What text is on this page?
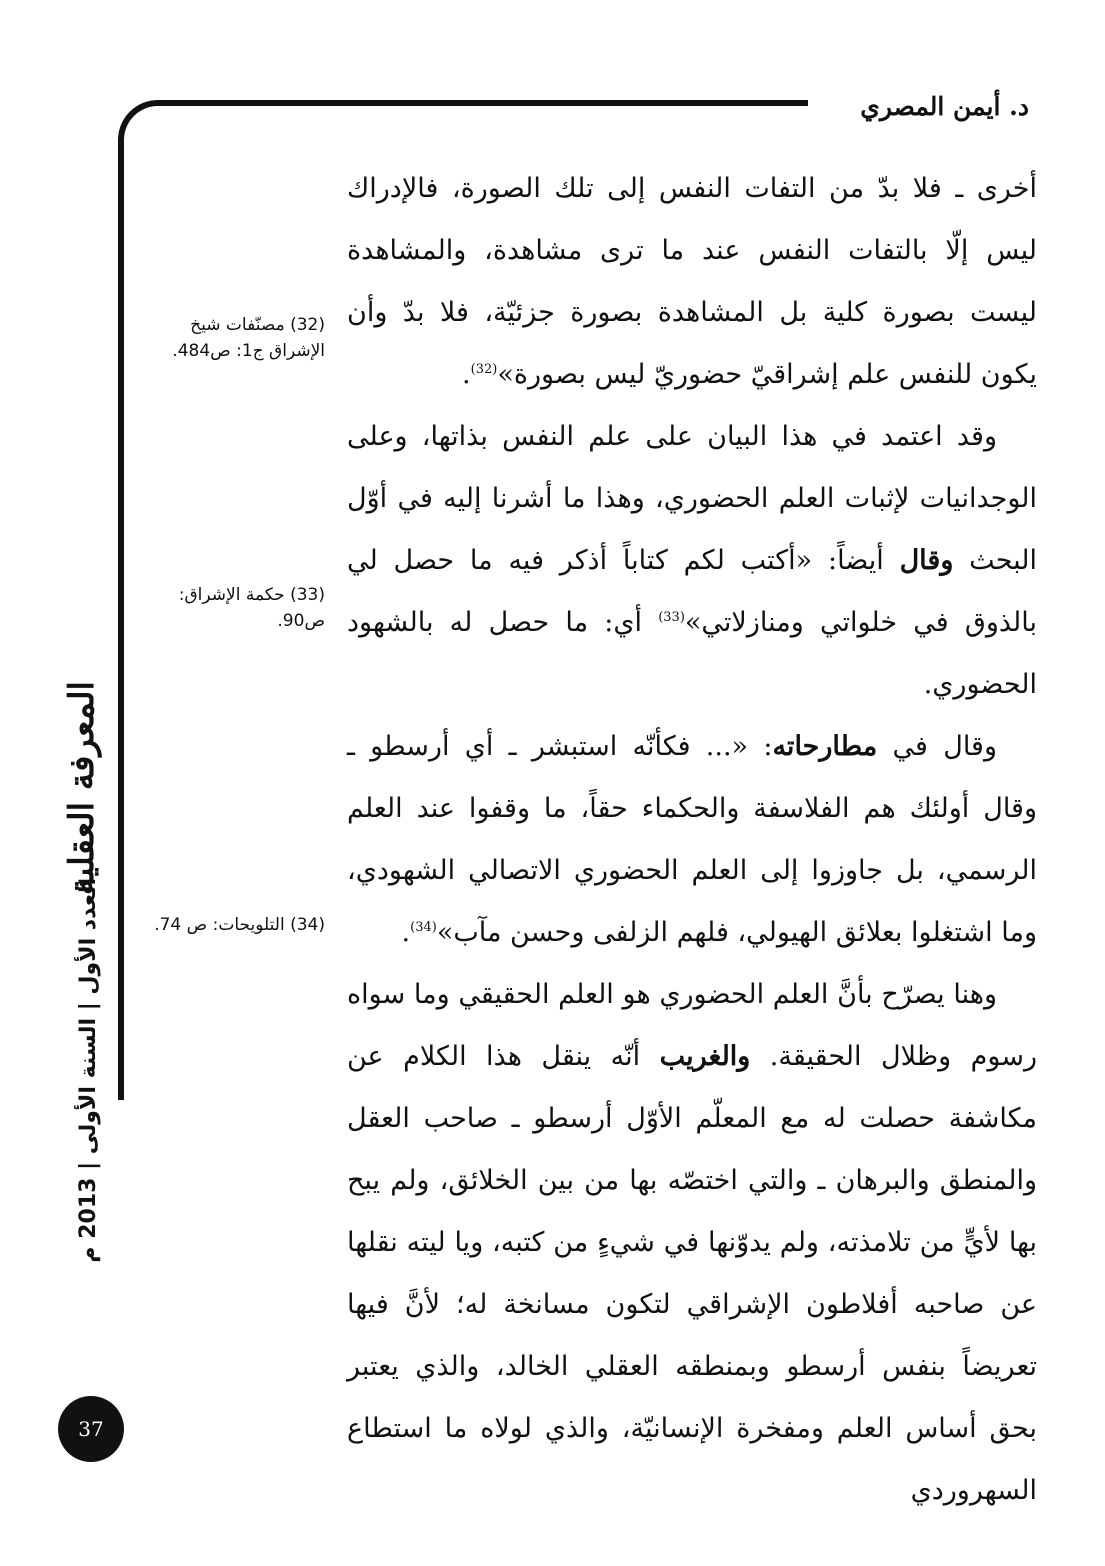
د. أيمن المصري

أخرى ـ فلا بدّ من التفات النفس إلى تلك الصورة، فالإدراك ليس إلّا بالتفات النفس عند ما ترى مشاهدة، والمشاهدة ليست بصورة كلية بل المشاهدة بصورة جزئيّة، فلا بدّ وأن يكون للنفس علم إشراقيّ حضوريّ ليس بصورة»$^{(32)}$.

وقد اعتمد في هذا البيان على علم النفس بذاتها، وعلى الوجدانيات لإثبات العلم الحضوري، وهذا ما أشرنا إليه في أوّل البحث وقال أيضاً: «أكتب لكم كتاباً أذكر فيه ما حصل لي بالذوق في خلواتي ومنازلاتي»$^{(33)}$ أي: ما حصل له بالشهود الحضوري.

وقال في مطارحاته: «... فكأنّه استبشر ـ أي أرسطو ـ وقال أولئك هم الفلاسفة والحكماء حقاً، ما وقفوا عند العلم الرسمي، بل جاوزوا إلى العلم الحضوري الاتصالي الشهودي، وما اشتغلوا بعلائق الهيولي، فلهم الزلفى وحسن مآب»$^{(34)}$.

وهنا يصرّح بأنَّ العلم الحضوري هو العلم الحقيقي وما سواه رسوم وظلال الحقيقة. والغريب أنّه ينقل هذا الكلام عن مكاشفة حصلت له مع المعلّم الأوّل أرسطو ـ صاحب العقل والمنطق والبرهان ـ والتي اختصّه بها من بين الخلائق، ولم يبح بها لأيٍّ من تلامذته، ولم يدوّنها في شيءٍ من كتبه، ويا ليته نقلها عن صاحبه أفلاطون الإشراقي لتكون مسانخة له؛ لأنَّ فيها تعريضاً بنفس أرسطو وبمنطقه العقلي الخالد، والذي يعتبر بحق أساس العلم ومفخرة الإنسانيّة، والذي لولاه ما استطاع السهروردي

(32) مصنّفات شيخ الإشراق ج1: ص484.
(33) حكمة الإشراق: ص90.
(34) التلويحات: ص 74.
المعرفة العقلية
العدد الأول | السنة الأولى | 2013 م
37
